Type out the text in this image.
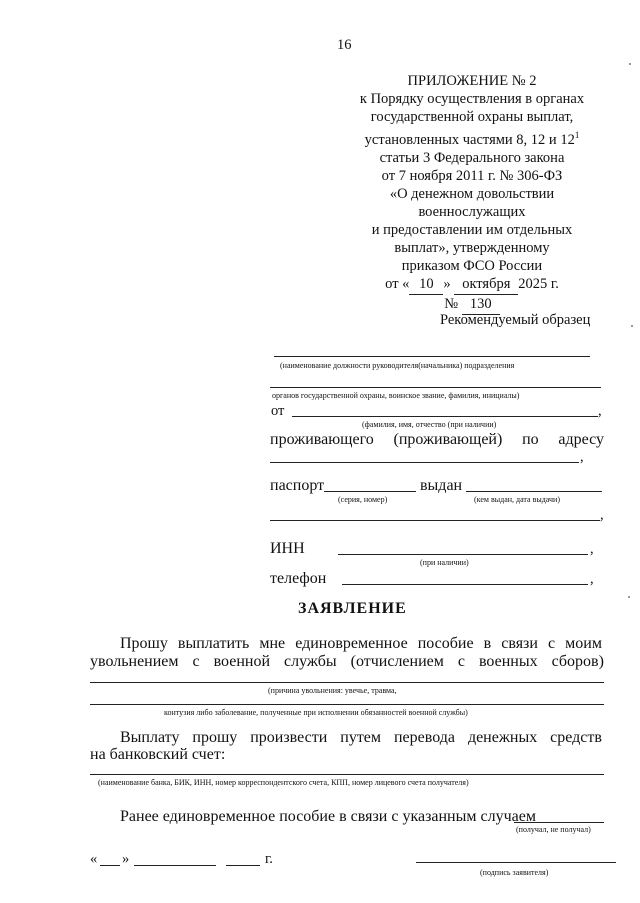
16
ПРИЛОЖЕНИЕ № 2
к Порядку осуществления в органах
государственной охраны выплат,
установленных частями 8, 12 и $12^1$
статьи 3 Федерального закона
от 7 ноября 2011 г. № 306-ФЗ
«О денежном довольствии
военнослужащих
и предоставлении им отдельных
выплат», утвержденному
приказом ФСО России
от « 10 » октября 2025 г.
№ 130
Рекомендуемый образец
(наименование должности руководителя(начальника) подразделения
органов государственной охраны, воинское звание, фамилия, инициалы)
от	,
(фамилия, имя, отчество (при наличии)
проживающего (проживающей) по адресу
,
паспорт	выдан
(серия, номер)	(кем выдан, дата выдачи)
,
ИНН	,
(при наличии)
телефон	,
ЗАЯВЛЕНИЕ
Прошу выплатить мне единовременное пособие в связи с моим
увольнением с военной службы (отчислением с военных сборов)
(причина увольнения: увечье, травма,
контузия либо заболевание, полученные при исполнении обязанностей военной службы)
Выплату прошу произвести путем перевода денежных средств
на банковский счет:
(наименование банка, БИК, ИНН, номер корреспондентского счета, КПП, номер лицевого счета получателя)
Ранее единовременное пособие в связи с указанным случаем
(получал, не получал)
« »	г.
(подпись заявителя)
